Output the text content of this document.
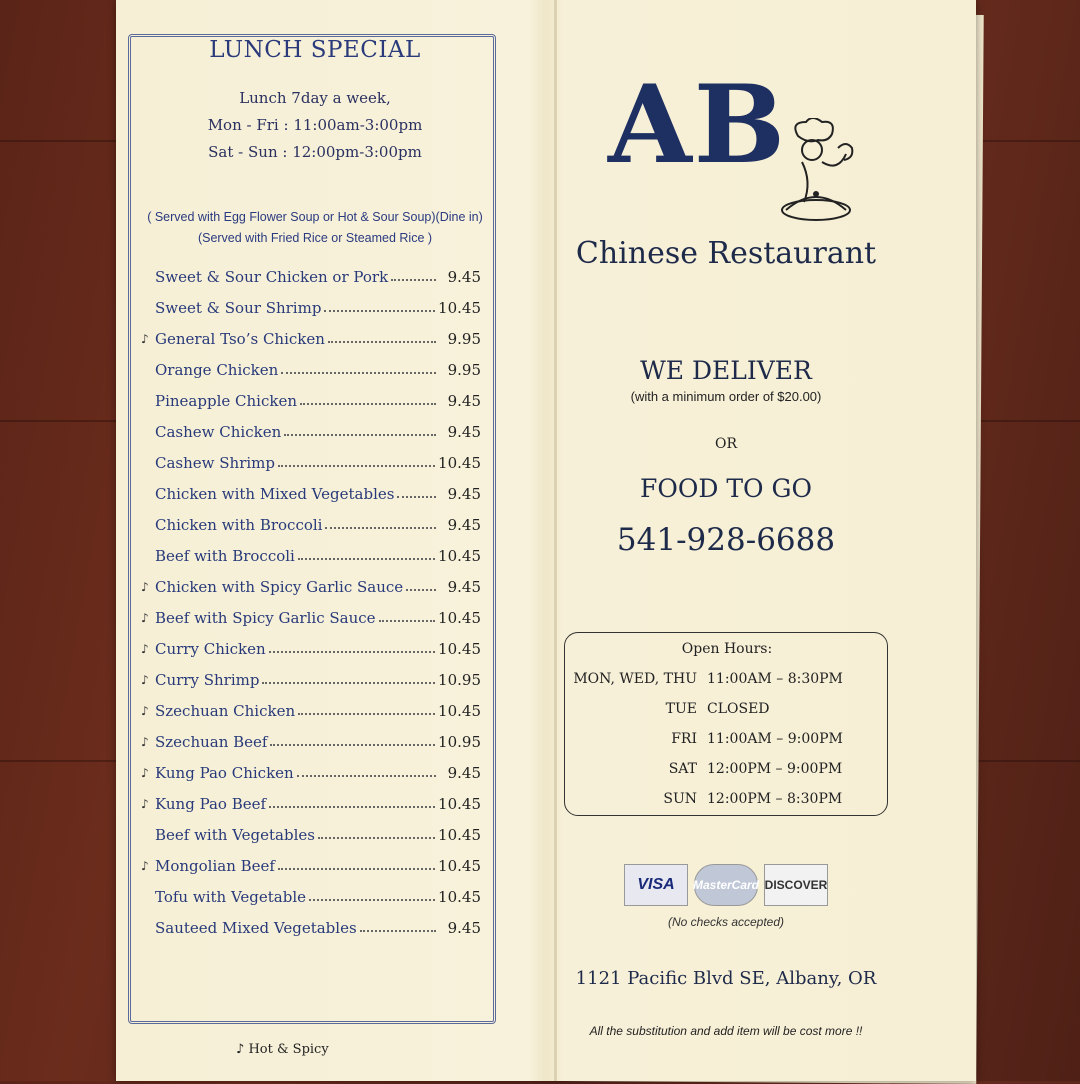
LUNCH SPECIAL
Lunch 7day a week,
Mon - Fri : 11:00am-3:00pm
Sat - Sun : 12:00pm-3:00pm
( Served with Egg Flower Soup or Hot & Sour Soup)(Dine in)
(Served with Fried Rice or Steamed Rice )
Sweet & Sour Chicken or Pork	9.45
Sweet & Sour Shrimp	10.45
♪ General Tso’s Chicken	9.95
Orange Chicken	9.95
Pineapple Chicken	9.45
Cashew Chicken	9.45
Cashew Shrimp	10.45
Chicken with Mixed Vegetables	9.45
Chicken with Broccoli	9.45
Beef with Broccoli	10.45
♪ Chicken with Spicy Garlic Sauce	9.45
♪ Beef with Spicy Garlic Sauce	10.45
♪ Curry Chicken	10.45
♪ Curry Shrimp	10.95
♪ Szechuan Chicken	10.45
♪ Szechuan Beef	10.95
♪ Kung Pao Chicken	9.45
♪ Kung Pao Beef	10.45
Beef with Vegetables	10.45
♪ Mongolian Beef	10.45
Tofu with Vegetable	10.45
Sauteed Mixed Vegetables	9.45
♪ Hot & Spicy
AB
Chinese Restaurant
WE DELIVER
(with a minimum order of $20.00)
OR
FOOD TO GO
541-928-6688
Open Hours:
MON, WED, THU 11:00AM – 8:30PM
TUE CLOSED
FRI 11:00AM – 9:00PM
SAT 12:00PM – 9:00PM
SUN 12:00PM – 8:30PM
VISA	MasterCard DISCOVER
(No checks accepted)
1121 Pacific Blvd SE, Albany, OR
All the substitution and add item will be cost more !!
